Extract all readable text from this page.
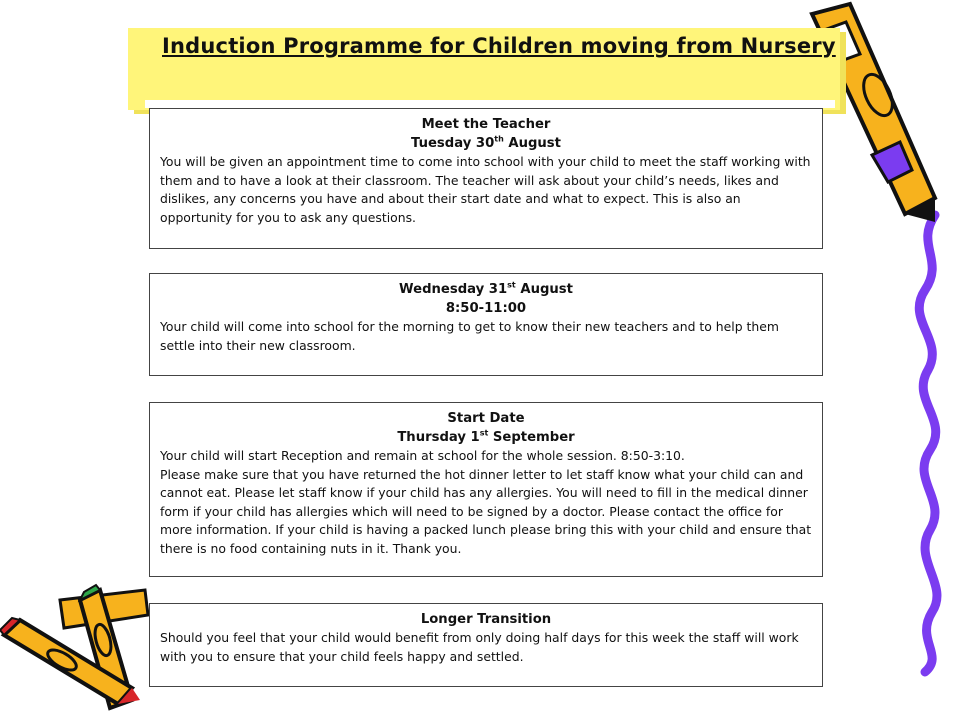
Induction Programme for Children moving from Nursery
Meet the Teacher
Tuesday 30th August

You will be given an appointment time to come into school with your child to meet the staff working with them and to have a look at their classroom. The teacher will ask about your child’s needs, likes and dislikes, any concerns you have and about their start date and what to expect. This is also an opportunity for you to ask any questions.

Wednesday 31st August
8:50-11:00

Your child will come into school for the morning to get to know their new teachers and to help them settle into their new classroom.

Start Date
Thursday 1st September

Your child will start Reception and remain at school for the whole session. 8:50-3:10.

Please make sure that you have returned the hot dinner letter to let staff know what your child can and cannot eat. Please let staff know if your child has any allergies. You will need to fill in the medical dinner form if your child has allergies which will need to be signed by a doctor. Please contact the office for more information. If your child is having a packed lunch please bring this with your child and ensure that there is no food containing nuts in it. Thank you.

Longer Transition

Should you feel that your child would benefit from only doing half days for this week the staff will work with you to ensure that your child feels happy and settled.
